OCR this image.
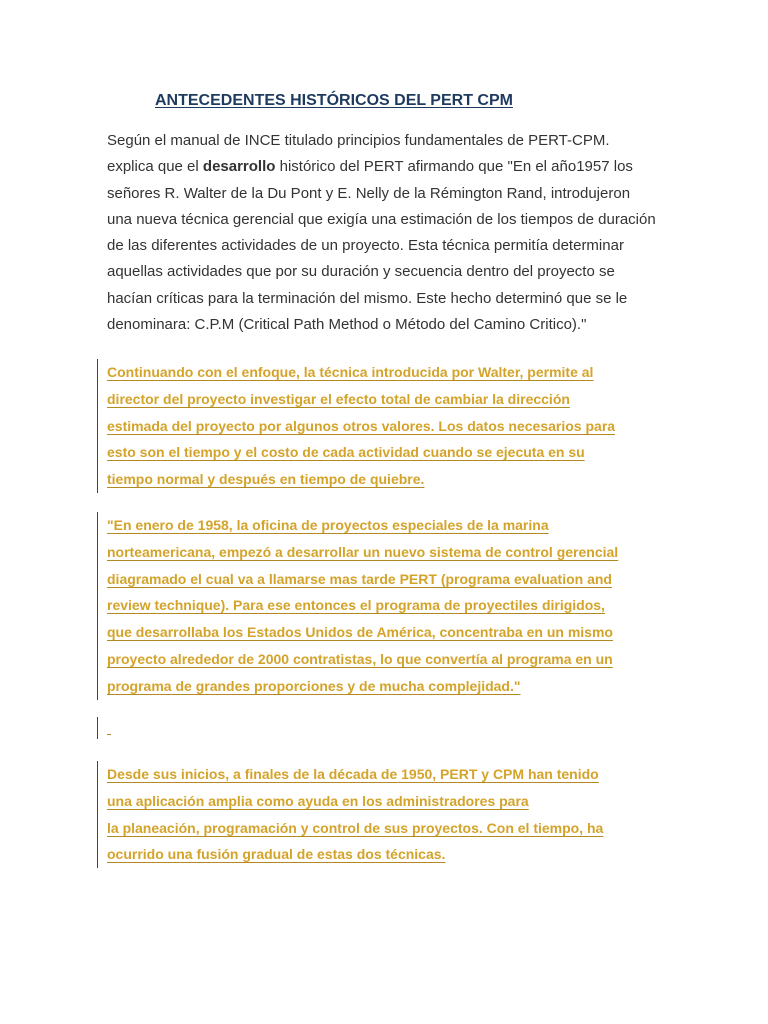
ANTECEDENTES HISTÓRICOS DEL PERT CPM
Según el manual de INCE titulado principios fundamentales de PERT-CPM.
explica que el desarrollo histórico del PERT afirmando que "En el año1957 los
señores R. Walter de la Du Pont y E. Nelly de la Rémington Rand, introdujeron
una nueva técnica gerencial que exigía una estimación de los tiempos de duración
de las diferentes actividades de un proyecto. Esta técnica permitía determinar
aquellas actividades que por su duración y secuencia dentro del proyecto se
hacían críticas para la terminación del mismo. Este hecho determinó que se le
denominara: C.P.M (Critical Path Method o Método del Camino Critico)."
Continuando con el enfoque, la técnica introducida por Walter, permite al
director del proyecto investigar el efecto total de cambiar la dirección
estimada del proyecto por algunos otros valores. Los datos necesarios para
esto son el tiempo y el costo de cada actividad cuando se ejecuta en su
tiempo normal y después en tiempo de quiebre.
"En enero de 1958, la oficina de proyectos especiales de la marina
norteamericana, empezó a desarrollar un nuevo sistema de control gerencial
diagramado el cual va a llamarse mas tarde PERT (programa evaluation and
review technique). Para ese entonces el programa de proyectiles dirigidos,
que desarrollaba los Estados Unidos de América, concentraba en un mismo
proyecto alrededor de 2000 contratistas, lo que convertía al programa en un
programa de grandes proporciones y de mucha complejidad."
Desde sus inicios, a finales de la década de 1950, PERT y CPM han tenido
una aplicación amplia como ayuda en los administradores para
la planeación, programación y control de sus proyectos. Con el tiempo, ha
ocurrido una fusión gradual de estas dos técnicas.
